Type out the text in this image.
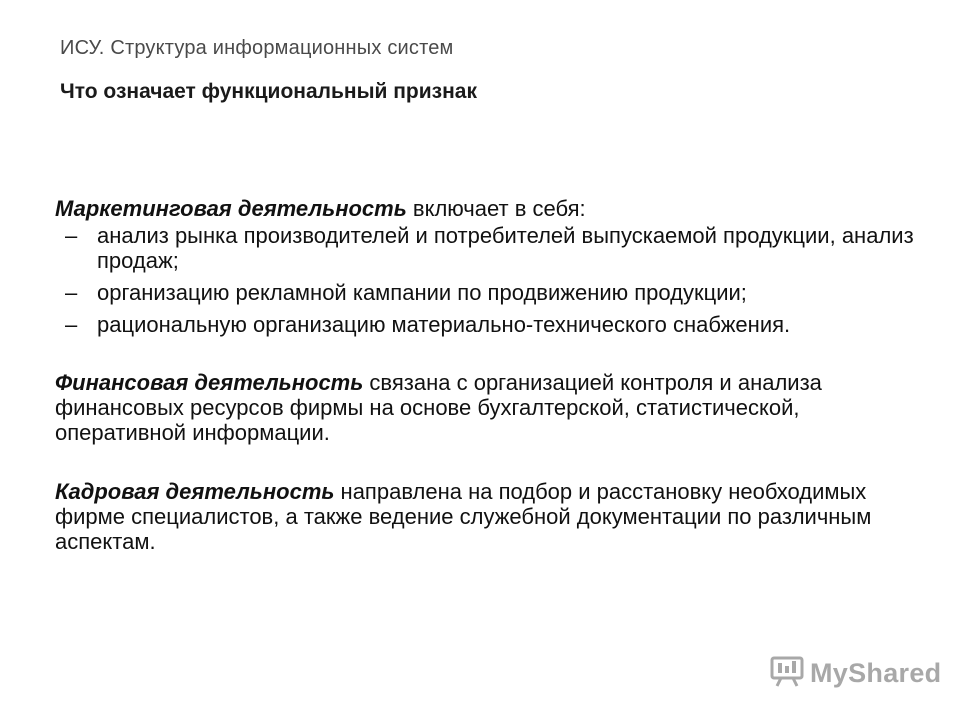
ИСУ. Структура информационных систем
Что означает функциональный признак

Маркетинговая деятельность включает в себя:

– анализ рынка производителей и потребителей выпускаемой продукции, анализ продаж;
– организацию рекламной кампании по продвижению продукции;
– рациональную организацию материально-технического снабжения.

Финансовая деятельность связана с организацией контроля и анализа финансовых ресурсов фирмы на основе бухгалтерской, статистической, оперативной информации.

Кадровая деятельность направлена на подбор и расстановку необходимых фирме специалистов, а также ведение служебной документации по различным аспектам.

MyShared
